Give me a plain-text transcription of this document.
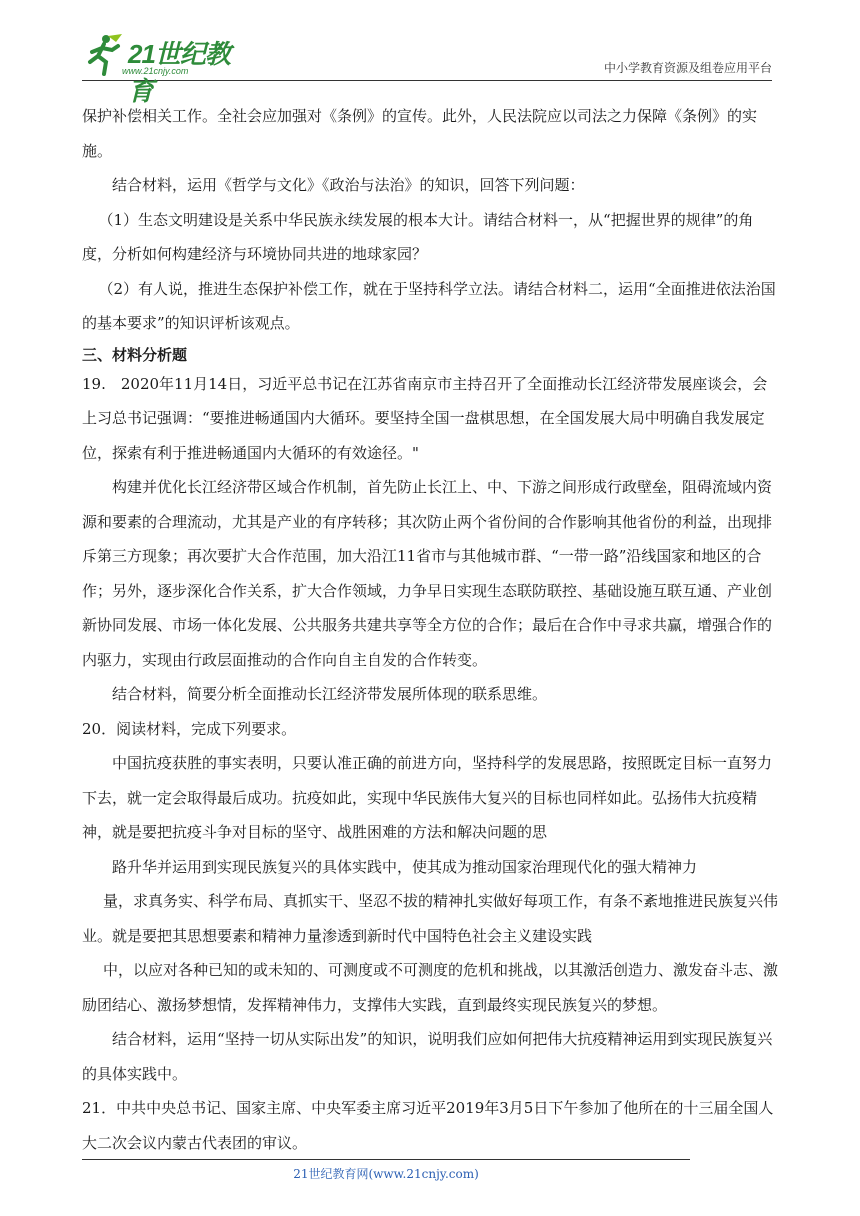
21世纪教育
www.21cnjy.com	中小学教育资源及组卷应用平台

保护补偿相关工作。全社会应加强对《条例》的宣传。此外，人民法院应以司法之力保障《条例》的实施。

结合材料，运用《哲学与文化》《政治与法治》的知识，回答下列问题：

（1）生态文明建设是关系中华民族永续发展的根本大计。请结合材料一，从“把握世界的规律”的角度，分析如何构建经济与环境协同共进的地球家园？

（2）有人说，推进生态保护补偿工作，就在于坚持科学立法。请结合材料二，运用“全面推进依法治国的基本要求”的知识评析该观点。

三、材料分析题

19.　2020年11月14日，习近平总书记在江苏省南京市主持召开了全面推动长江经济带发展座谈会，会上习总书记强调：“要推进畅通国内大循环。要坚持全国一盘棋思想，在全国发展大局中明确自我发展定位，探索有利于推进畅通国内大循环的有效途径。"

构建并优化长江经济带区域合作机制，首先防止长江上、中、下游之间形成行政壁垒，阻碍流域内资源和要素的合理流动，尤其是产业的有序转移；其次防止两个省份间的合作影响其他省份的利益，出现排斥第三方现象；再次要扩大合作范围，加大沿江11省市与其他城市群、“一带一路”沿线国家和地区的合作；另外，逐步深化合作关系，扩大合作领域，力争早日实现生态联防联控、基础设施互联互通、产业创新协同发展、市场一体化发展、公共服务共建共享等全方位的合作；最后在合作中寻求共赢，增强合作的内驱力，实现由行政层面推动的合作向自主自发的合作转变。

结合材料，简要分析全面推动长江经济带发展所体现的联系思维。

20．阅读材料，完成下列要求。

中国抗疫获胜的事实表明，只要认准正确的前进方向，坚持科学的发展思路，按照既定目标一直努力下去，就一定会取得最后成功。抗疫如此，实现中华民族伟大复兴的目标也同样如此。弘扬伟大抗疫精神，就是要把抗疫斗争对目标的坚守、战胜困难的方法和解决问题的思

路升华并运用到实现民族复兴的具体实践中，使其成为推动国家治理现代化的强大精神力

量，求真务实、科学布局、真抓实干、坚忍不拔的精神扎实做好每项工作，有条不紊地推进民族复兴伟业。就是要把其思想要素和精神力量渗透到新时代中国特色社会主义建设实践

中，以应对各种已知的或未知的、可测度或不可测度的危机和挑战，以其激活创造力、激发奋斗志、激励团结心、激扬梦想情，发挥精神伟力，支撑伟大实践，直到最终实现民族复兴的梦想。

结合材料，运用“坚持一切从实际出发”的知识，说明我们应如何把伟大抗疫精神运用到实现民族复兴的具体实践中。

21．中共中央总书记、国家主席、中央军委主席习近平2019年3月5日下午参加了他所在的十三届全国人大二次会议内蒙古代表团的审议。

21世纪教育网(www.21cnjy.com)
